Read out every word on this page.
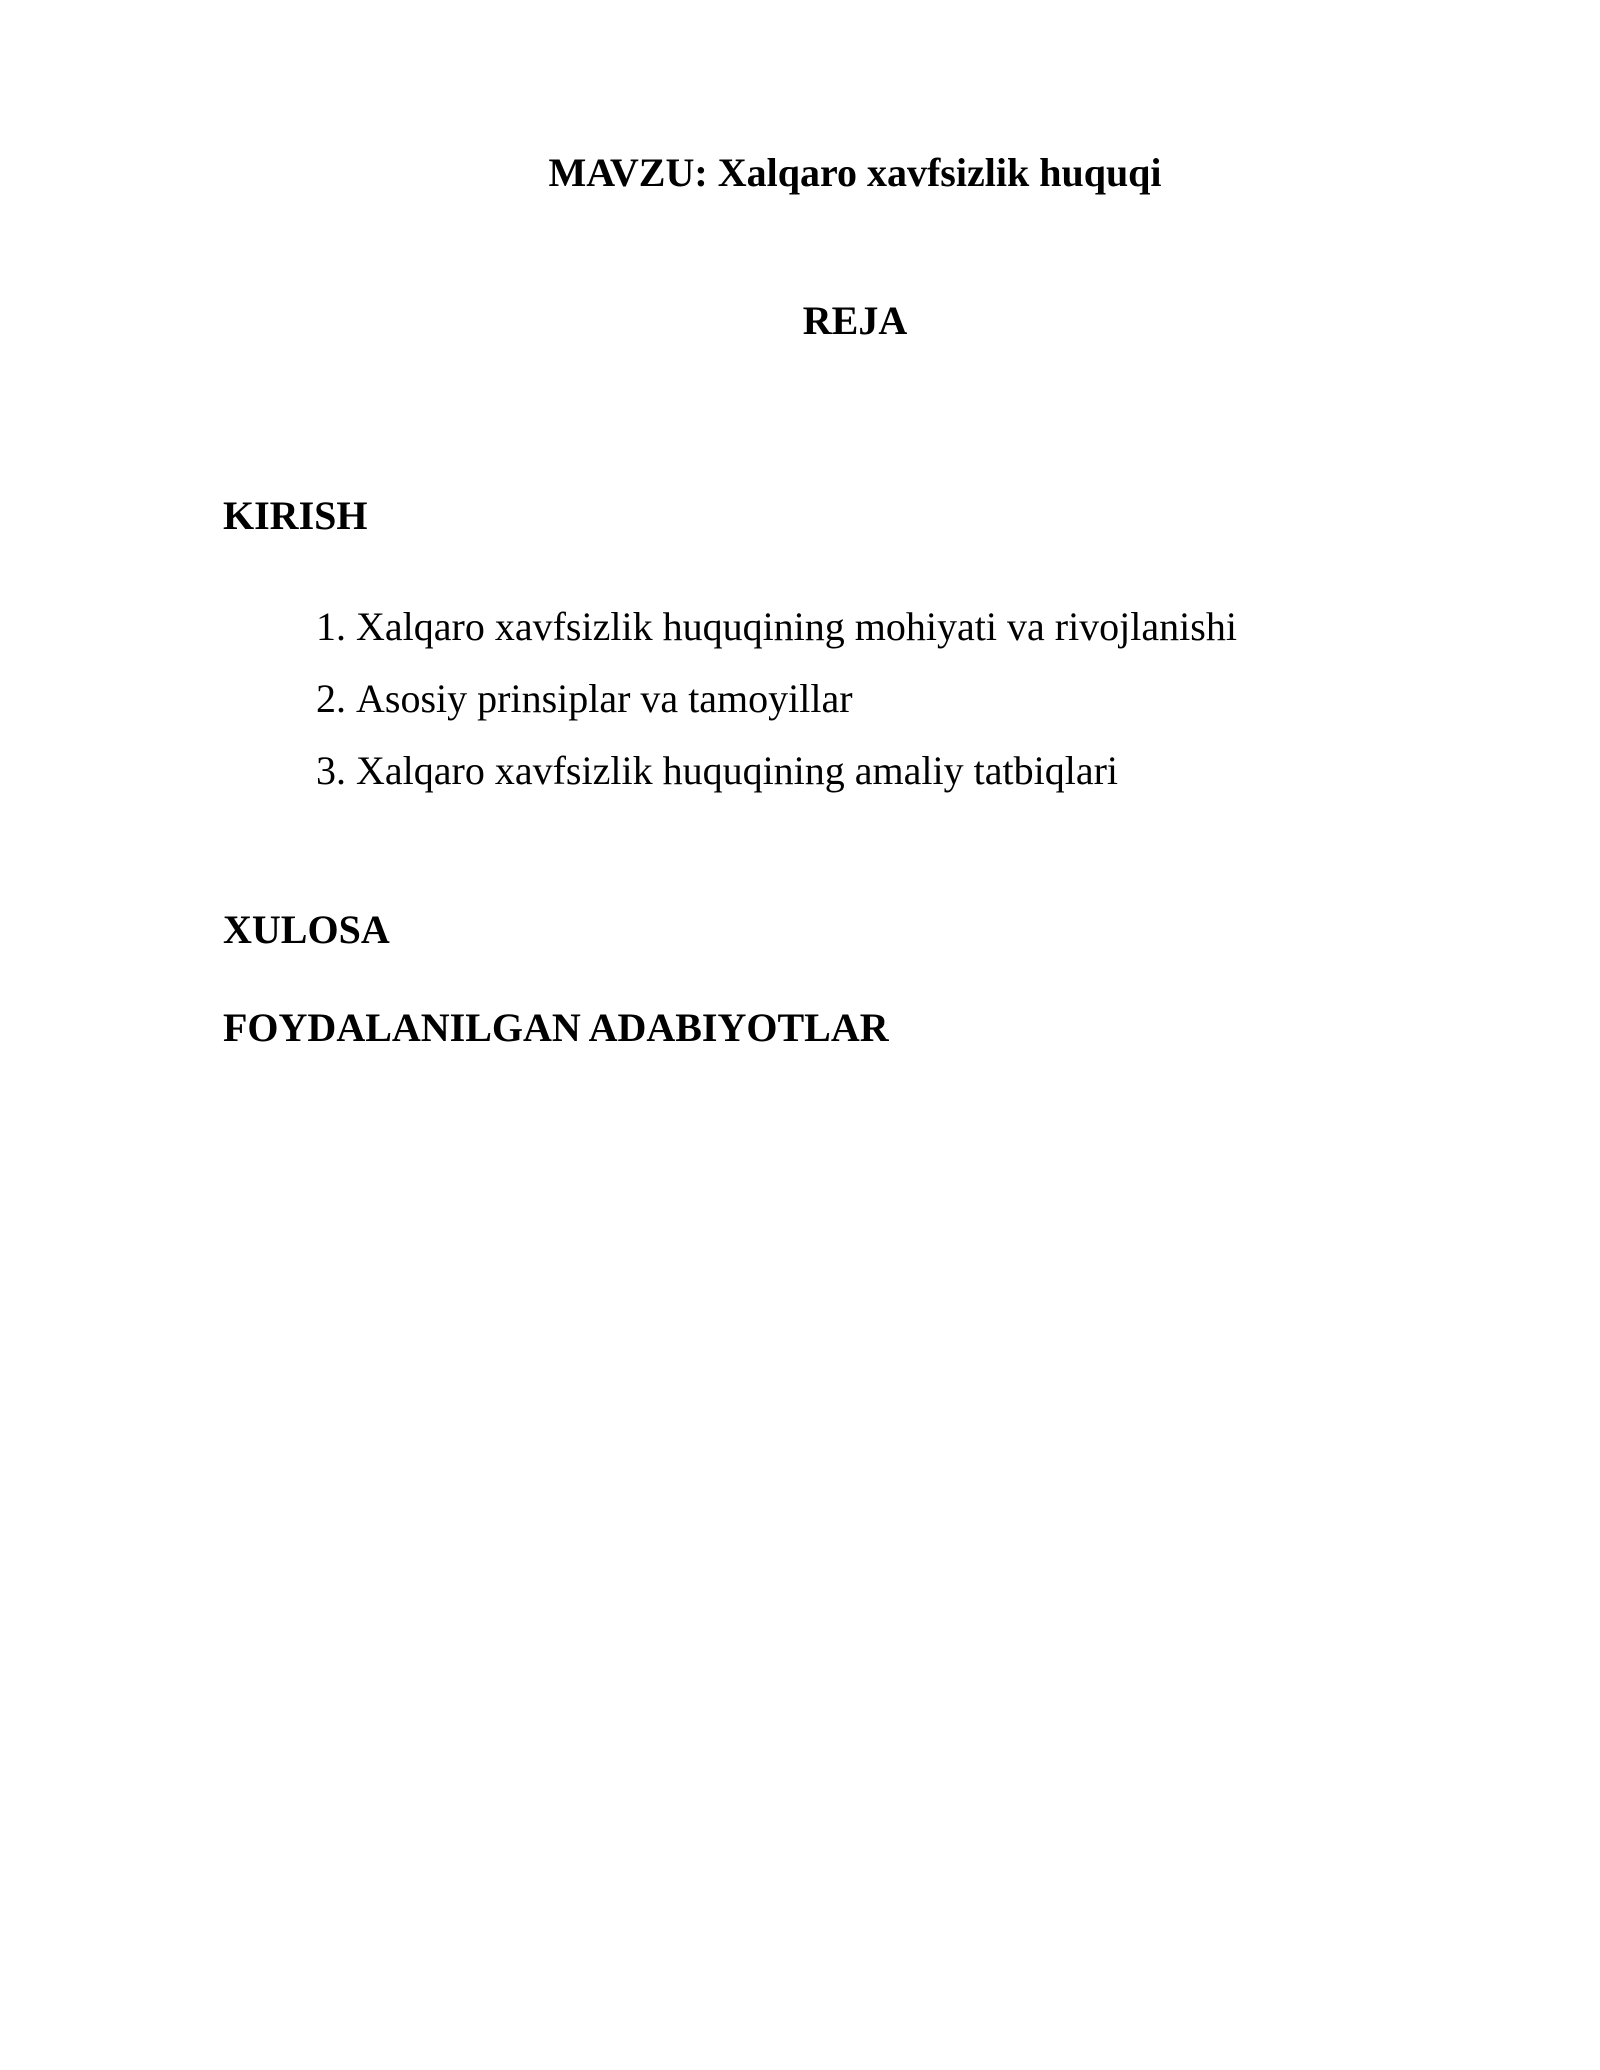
MAVZU: Xalqaro xavfsizlik huquqi
REJA
KIRISH
1. Xalqaro xavfsizlik huquqining mohiyati va rivojlanishi
2. Asosiy prinsiplar va tamoyillar
3. Xalqaro xavfsizlik huquqining amaliy tatbiqlari
XULOSA
FOYDALANILGAN ADABIYOTLAR
